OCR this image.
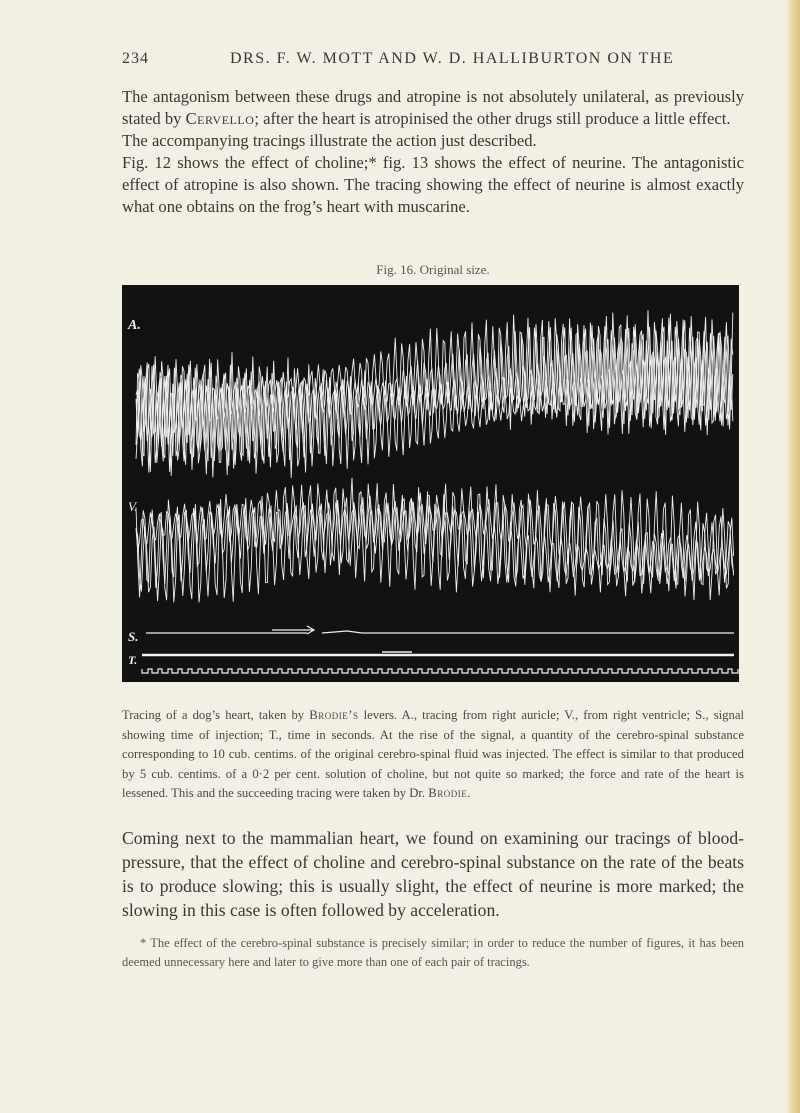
234	DRS. F. W. MOTT AND W. D. HALLIBURTON ON THE

The antagonism between these drugs and atropine is not absolutely unilateral, as previously stated by Cervello; after the heart is atropinised the other drugs still produce a little effect.

The accompanying tracings illustrate the action just described.

Fig. 12 shows the effect of choline;* fig. 13 shows the effect of neurine. The antagonistic effect of atropine is also shown. The tracing showing the effect of neurine is almost exactly what one obtains on the frog’s heart with muscarine.

Fig. 16. Original size.
A.
V.
S.
T.

Tracing of a dog’s heart, taken by Brodie’s levers. A., tracing from right auricle; V., from right ventricle; S., signal showing time of injection; T., time in seconds. At the rise of the signal, a quantity of the cerebro-spinal substance corresponding to 10 cub. centims. of the original cerebro-spinal fluid was injected. The effect is similar to that produced by 5 cub. centims. of a 0·2 per cent. solution of choline, but not quite so marked; the force and rate of the heart is lessened. This and the succeeding tracing were taken by Dr. Brodie.

Coming next to the mammalian heart, we found on examining our tracings of blood-pressure, that the effect of choline and cerebro-spinal substance on the rate of the beats is to produce slowing; this is usually slight, the effect of neurine is more marked; the slowing in this case is often followed by acceleration.

* The effect of the cerebro-spinal substance is precisely similar; in order to reduce the number of figures, it has been deemed unnecessary here and later to give more than one of each pair of tracings.
